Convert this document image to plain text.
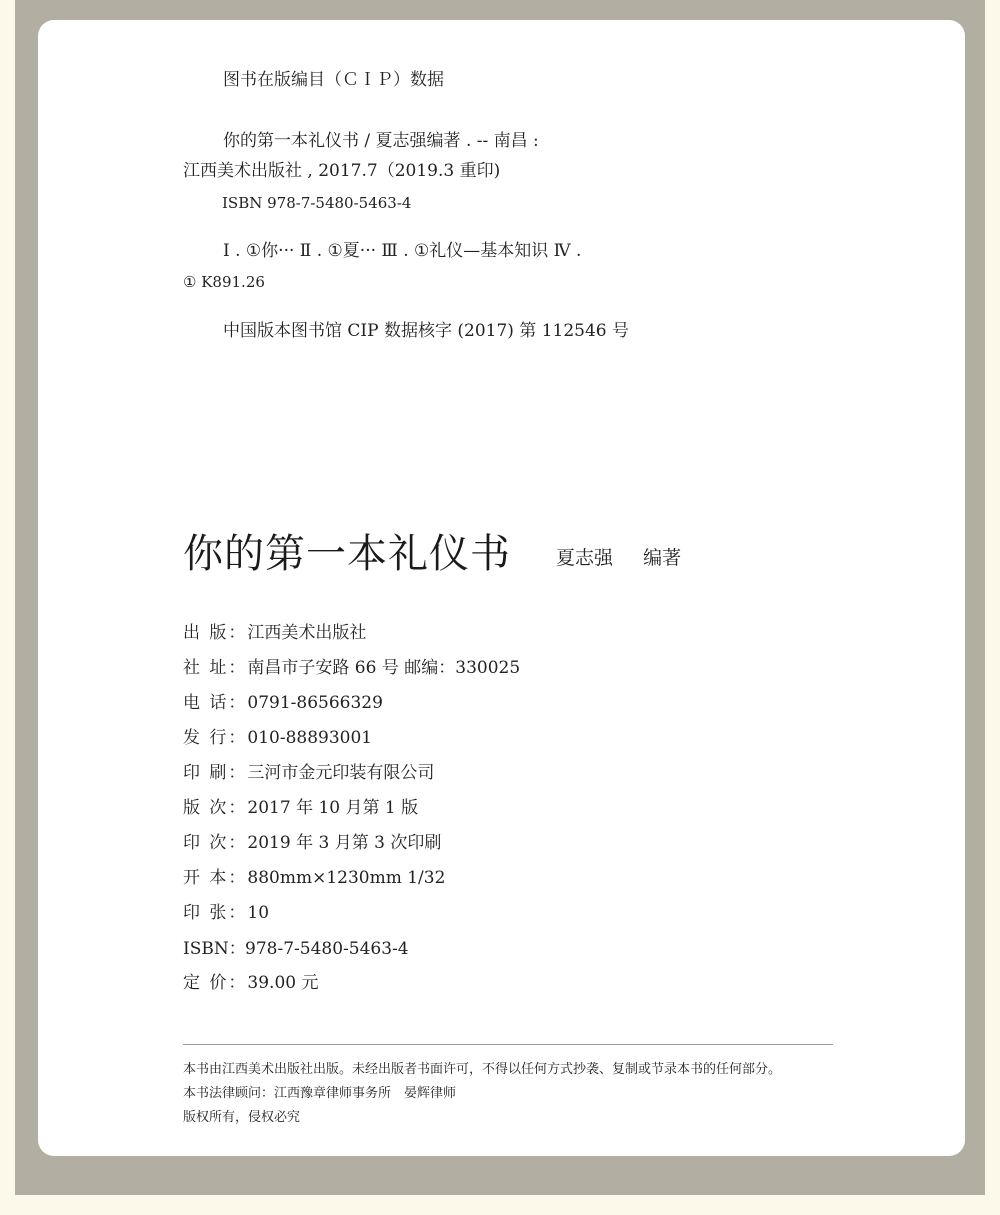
图书在版编目（ＣＩＰ）数据
你的第一本礼仪书 / 夏志强编著 . -- 南昌 :
江西美术出版社 , 2017.7（2019.3 重印)
ISBN 978-7-5480-5463-4
Ⅰ . ①你··· Ⅱ . ①夏··· Ⅲ . ①礼仪—基本知识 Ⅳ .
① K891.26
中国版本图书馆 CIP 数据核字 (2017) 第 112546 号
你的第一本礼仪书 夏志强 编著
出 版：江西美术出版社
社 址：南昌市子安路 66 号 邮编：330025
电 话：0791-86566329
发 行：010-88893001
印 刷：三河市金元印装有限公司
版 次：2017 年 10 月第 1 版
印 次：2019 年 3 月第 3 次印刷
开 本：880mm×1230mm 1/32
印 张：10
ISBN：978-7-5480-5463-4
定 价：39.00 元
本书由江西美术出版社出版。未经出版者书面许可，不得以任何方式抄袭、复制或节录本书的任何部分。
本书法律顾问：江西豫章律师事务所　晏辉律师
版权所有，侵权必究
